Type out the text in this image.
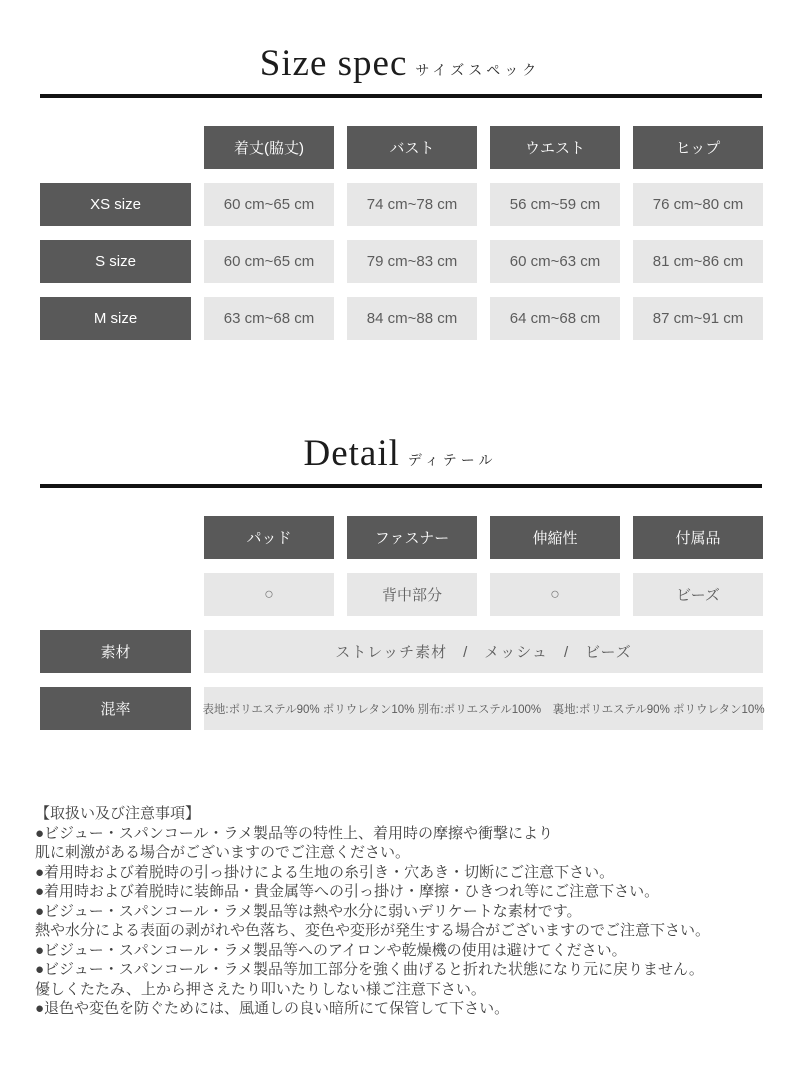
Size spec サイズスペック
着丈(脇丈)	バスト	ウエスト	ヒップ
XS size	60 cm~65 cm	74 cm~78 cm	56 cm~59 cm	76 cm~80 cm
S size	60 cm~65 cm	79 cm~83 cm	60 cm~63 cm	81 cm~86 cm
M size	63 cm~68 cm	84 cm~88 cm	64 cm~68 cm	87 cm~91 cm
Detail ディテール
パッド	ファスナー	伸縮性	付属品
○	背中部分	○	ビーズ
素材	ストレッチ素材　/　メッシュ　/　ビーズ
混率	表地:ポリエステル90% ポリウレタン10% 別布:ポリエステル100%　裏地:ポリエステル90% ポリウレタン10%
【取扱い及び注意事項】
●ビジュー・スパンコール・ラメ製品等の特性上、着用時の摩擦や衝撃により
肌に刺激がある場合がございますのでご注意ください。
●着用時および着脱時の引っ掛けによる生地の糸引き・穴あき・切断にご注意下さい。
●着用時および着脱時に装飾品・貴金属等への引っ掛け・摩擦・ひきつれ等にご注意下さい。
●ビジュー・スパンコール・ラメ製品等は熱や水分に弱いデリケートな素材です。
熱や水分による表面の剥がれや色落ち、変色や変形が発生する場合がございますのでご注意下さい。
●ビジュー・スパンコール・ラメ製品等へのアイロンや乾燥機の使用は避けてください。
●ビジュー・スパンコール・ラメ製品等加工部分を強く曲げると折れた状態になり元に戻りません。
優しくたたみ、上から押さえたり叩いたりしない様ご注意下さい。
●退色や変色を防ぐためには、風通しの良い暗所にて保管して下さい。
